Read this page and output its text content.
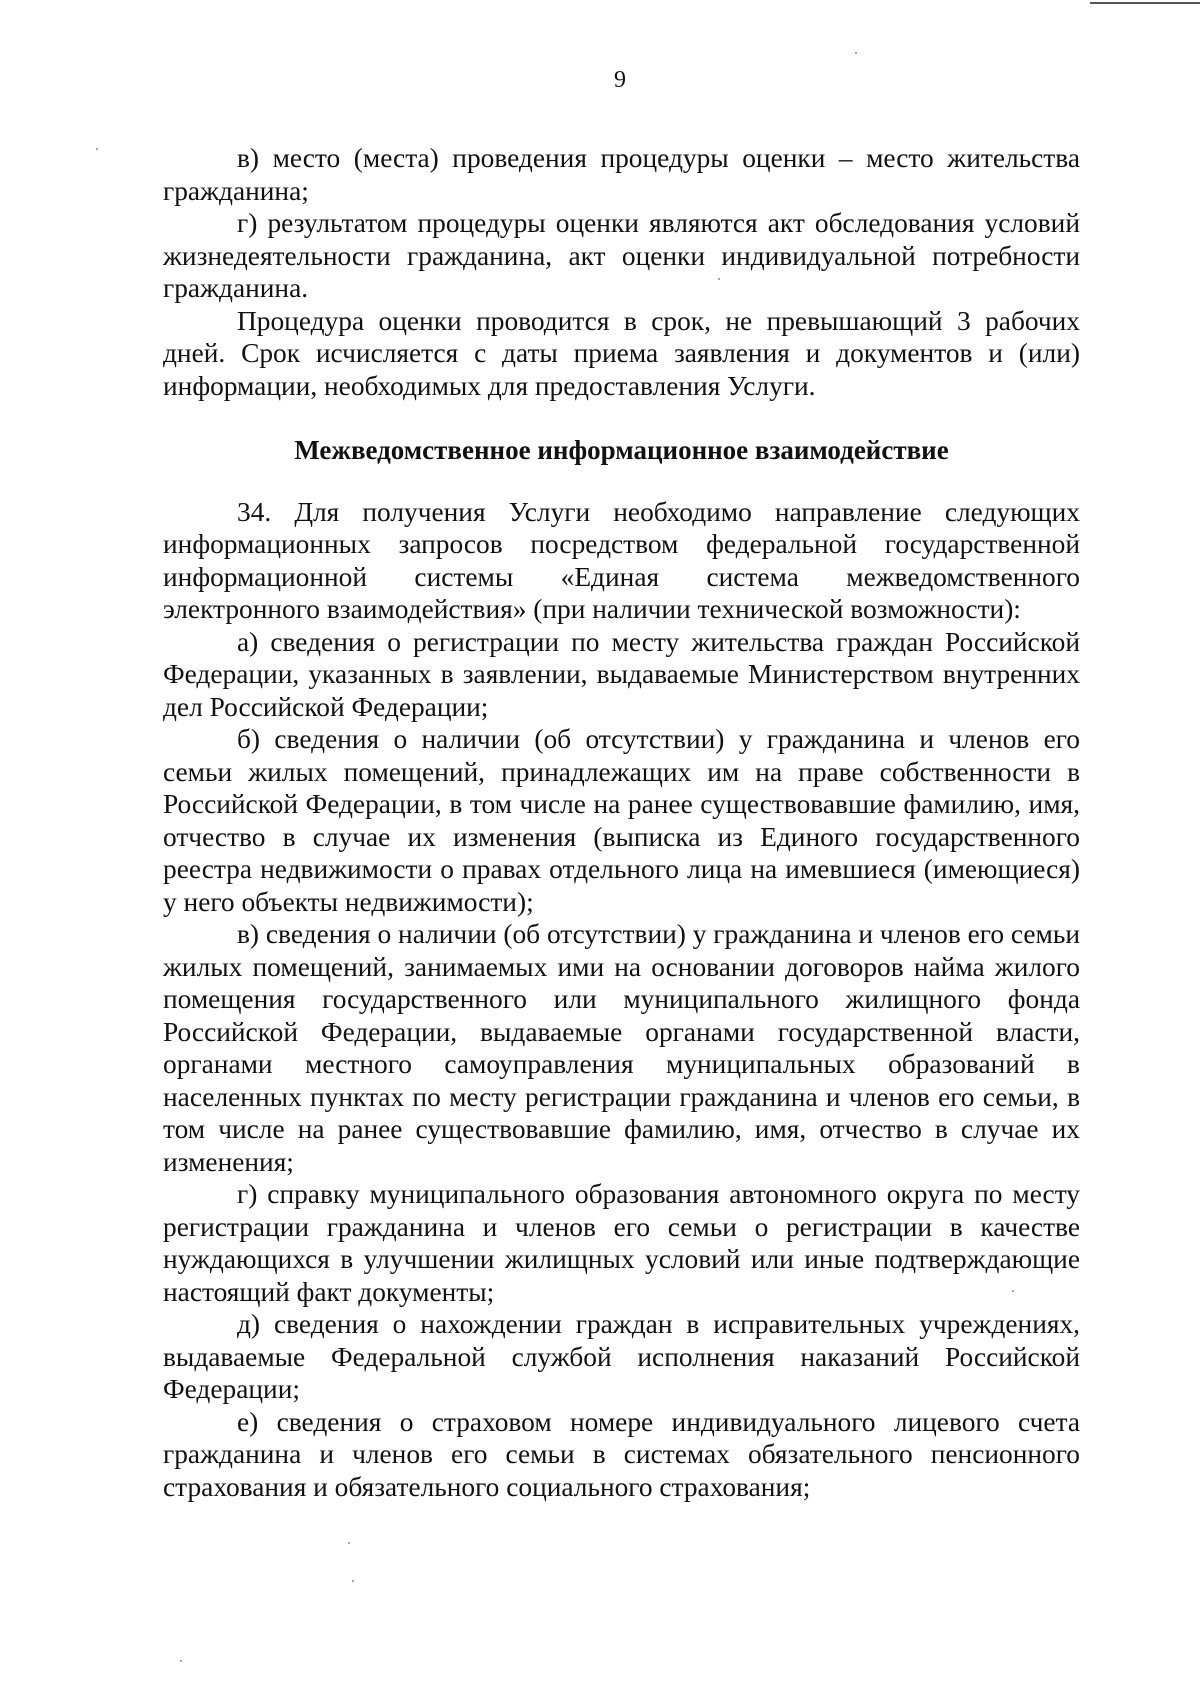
9

в) место (места) проведения процедуры оценки – место жительства гражданина;

г) результатом процедуры оценки являются акт обследования условий жизнедеятельности гражданина, акт оценки индивидуальной потребности гражданина.

Процедура оценки проводится в срок, не превышающий 3 рабочих дней. Срок исчисляется с даты приема заявления и документов и (или) информации, необходимых для предоставления Услуги.

Межведомственное информационное взаимодействие

34. Для получения Услуги необходимо направление следующих информационных запросов посредством федеральной государственной информационной системы «Единая система межведомственного электронного взаимодействия» (при наличии технической возможности):

а) сведения о регистрации по месту жительства граждан Российской Федерации, указанных в заявлении, выдаваемые Министерством внутренних дел Российской Федерации;

б) сведения о наличии (об отсутствии) у гражданина и членов его семьи жилых помещений, принадлежащих им на праве собственности в Российской Федерации, в том числе на ранее существовавшие фамилию, имя, отчество в случае их изменения (выписка из Единого государственного реестра недвижимости о правах отдельного лица на имевшиеся (имеющиеся) у него объекты недвижимости);

в) сведения о наличии (об отсутствии) у гражданина и членов его семьи жилых помещений, занимаемых ими на основании договоров найма жилого помещения государственного или муниципального жилищного фонда Российской Федерации, выдаваемые органами государственной власти, органами местного самоуправления муниципальных образований в населенных пунктах по месту регистрации гражданина и членов его семьи, в том числе на ранее существовавшие фамилию, имя, отчество в случае их изменения;

г) справку муниципального образования автономного округа по месту регистрации гражданина и членов его семьи о регистрации в качестве нуждающихся в улучшении жилищных условий или иные подтверждающие настоящий факт документы;

д) сведения о нахождении граждан в исправительных учреждениях, выдаваемые Федеральной службой исполнения наказаний Российской Федерации;

е) сведения о страховом номере индивидуального лицевого счета гражданина и членов его семьи в системах обязательного пенсионного страхования и обязательного социального страхования;
